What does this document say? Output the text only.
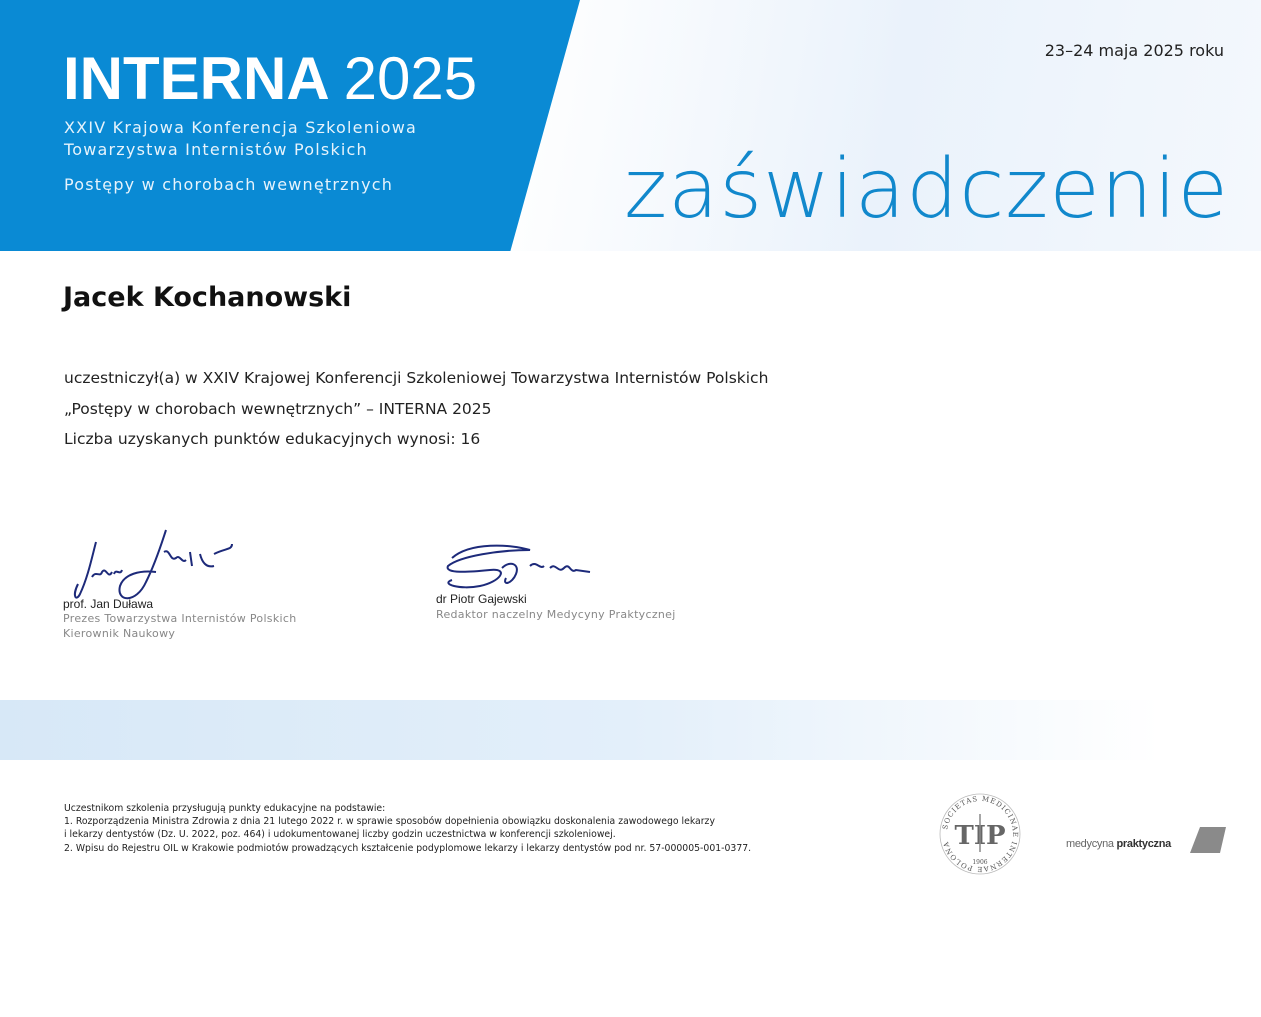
INTERNA 2025
XXIV Krajowa Konferencja Szkoleniowa
Towarzystwa Internistów Polskich
Postępy w chorobach wewnętrznych
23–24 maja 2025 roku
zaświadczenie
Jacek Kochanowski
uczestniczył(a) w XXIV Krajowej Konferencji Szkoleniowej Towarzystwa Internistów Polskich
„Postępy w chorobach wewnętrznych” – INTERNA 2025
Liczba uzyskanych punktów edukacyjnych wynosi: 16
prof. Jan Duława
Prezes Towarzystwa Internistów Polskich
Kierownik Naukowy
dr Piotr Gajewski
Redaktor naczelny Medycyny Praktycznej
Uczestnikom szkolenia przysługują punkty edukacyjne na podstawie:
1. Rozporządzenia Ministra Zdrowia z dnia 21 lutego 2022 r. w sprawie sposobów dopełnienia obowiązku doskonalenia zawodowego lekarzy
i lekarzy dentystów (Dz. U. 2022, poz. 464) i udokumentowanej liczby godzin uczestnictwa w konferencji szkoleniowej.
2. Wpisu do Rejestru OIL w Krakowie podmiotów prowadzących kształcenie podyplomowe lekarzy i lekarzy dentystów pod nr. 57-000005-001-0377.
SOCIETAS MEDICINAE INTERNAE POLONA TIP
1906
medycyna praktyczna
